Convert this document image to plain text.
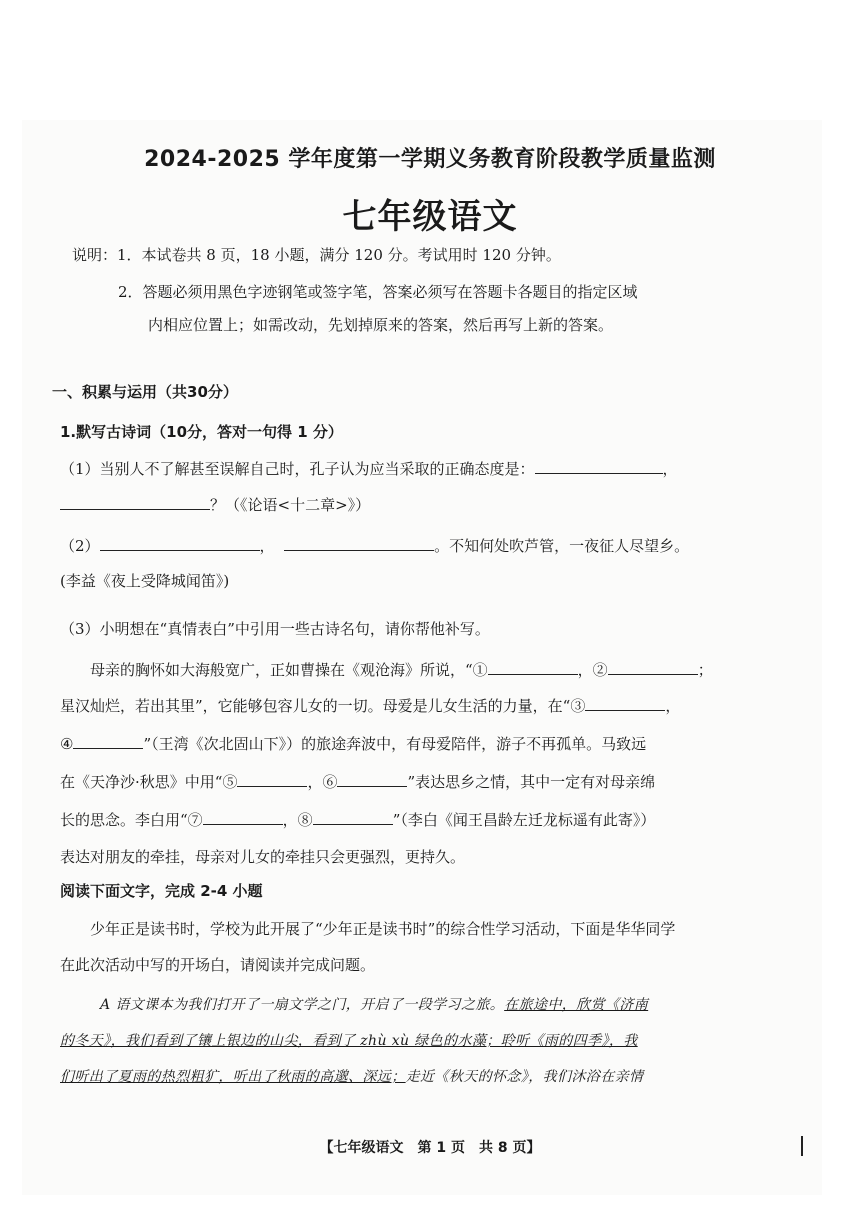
2024-2025 学年度第一学期义务教育阶段教学质量监测
七年级语文
说明：1．本试卷共 8 页，18 小题，满分 120 分。考试用时 120 分钟。
2．答题必须用黑色字迹钢笔或签字笔，答案必须写在答题卡各题目的指定区域
内相应位置上；如需改动，先划掉原来的答案，然后再写上新的答案。
一、积累与运用（共30分）
1.默写古诗词（10分，答对一句得 1 分）
（1）当别人不了解甚至误解自己时，孔子认为应当采取的正确态度是：	，
？（《论语<十二章>》）
（2）	，	。不知何处吹芦管，一夜征人尽望乡。
(李益《夜上受降城闻笛》)
（3）小明想在“真情表白”中引用一些古诗名句，请你帮他补写。
母亲的胸怀如大海般宽广，正如曹操在《观沧海》所说，“①	，②	；
星汉灿烂，若出其里”，它能够包容儿女的一切。母爱是儿女生活的力量，在“③	，
④	”（王湾《次北固山下》）的旅途奔波中，有母爱陪伴，游子不再孤单。马致远
在《天净沙·秋思》中用“⑤	，⑥	”表达思乡之情，其中一定有对母亲绵
长的思念。李白用“⑦	，⑧	”（李白《闻王昌龄左迁龙标遥有此寄》）
表达对朋友的牵挂，母亲对儿女的牵挂只会更强烈，更持久。
阅读下面文字，完成 2-4 小题
少年正是读书时，学校为此开展了“少年正是读书时”的综合性学习活动，下面是华华同学
在此次活动中写的开场白，请阅读并完成问题。
A 语文课本为我们打开了一扇文学之门，开启了一段学习之旅。在旅途中，欣赏《济南
的冬天》，我们看到了镶上银边的山尖，看到了 zhù xù 绿色的水藻；聆听《雨的四季》，我
们听出了夏雨的热烈粗犷，听出了秋雨的高邈、深远；走近《秋天的怀念》，我们沐浴在亲情
【七年级语文　第 1 页　共 8 页】
